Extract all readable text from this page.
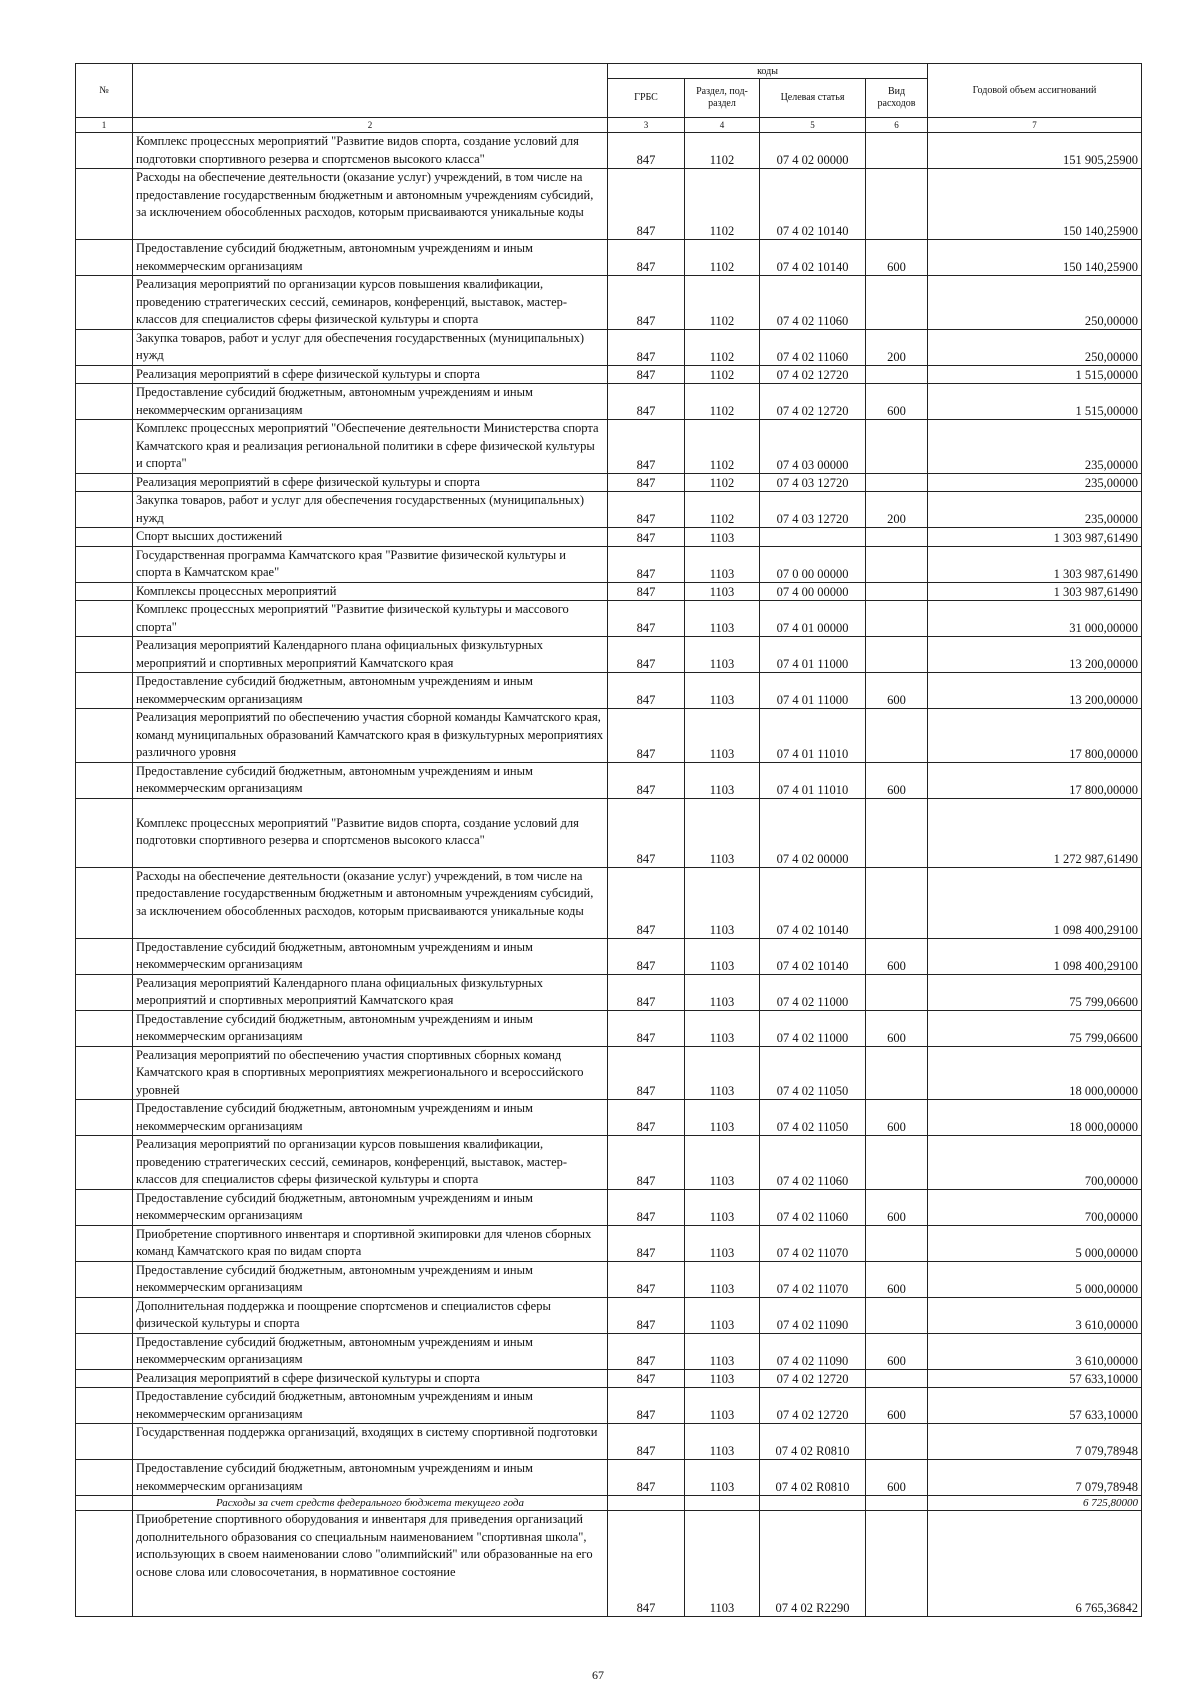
№		коды				Годовой объем ассигнований
		ГРБС	Раздел, под-раздел	Целевая статья	Вид расходов	
1	2	3	4	5	6	7
	Комплекс процессных мероприятий "Развитие видов спорта, создание условий для подготовки спортивного резерва и спортсменов высокого класса"	847	1102	07 4 02 00000		151 905,25900
	Расходы на обеспечение деятельности (оказание услуг) учреждений, в том числе на предоставление государственным бюджетным и автономным учреждениям субсидий, за исключением обособленных расходов, которым присваиваются уникальные коды	847	1102	07 4 02 10140		150 140,25900
	Предоставление субсидий бюджетным, автономным учреждениям и иным некоммерческим организациям	847	1102	07 4 02 10140	600	150 140,25900
	Реализация мероприятий по организации курсов повышения квалификации, проведению стратегических сессий, семинаров, конференций, выставок, мастер-классов для специалистов сферы физической культуры и спорта	847	1102	07 4 02 11060		250,00000
	Закупка товаров, работ и услуг для обеспечения государственных (муниципальных) нужд	847	1102	07 4 02 11060	200	250,00000
	Реализация мероприятий в сфере физической культуры и спорта	847	1102	07 4 02 12720		1 515,00000
	Предоставление субсидий бюджетным, автономным учреждениям и иным некоммерческим организациям	847	1102	07 4 02 12720	600	1 515,00000
	Комплекс процессных мероприятий "Обеспечение деятельности Министерства спорта Камчатского края и реализация региональной политики в сфере физической культуры и спорта"	847	1102	07 4 03 00000		235,00000
	Реализация мероприятий в сфере физической культуры и спорта	847	1102	07 4 03 12720		235,00000
	Закупка товаров, работ и услуг для обеспечения государственных (муниципальных) нужд	847	1102	07 4 03 12720	200	235,00000
	Спорт высших достижений	847	1103			1 303 987,61490
	Государственная программа Камчатского края "Развитие физической культуры и спорта в Камчатском крае"	847	1103	07 0 00 00000		1 303 987,61490
	Комплексы процессных мероприятий	847	1103	07 4 00 00000		1 303 987,61490
	Комплекс процессных мероприятий "Развитие физической культуры и массового спорта"	847	1103	07 4 01 00000		31 000,00000
	Реализация мероприятий Календарного плана официальных физкультурных мероприятий и спортивных мероприятий Камчатского края	847	1103	07 4 01 11000		13 200,00000
	Предоставление субсидий бюджетным, автономным учреждениям и иным некоммерческим организациям	847	1103	07 4 01 11000	600	13 200,00000
	Реализация мероприятий по обеспечению участия сборной команды Камчатского края, команд муниципальных образований Камчатского края в физкультурных мероприятиях различного уровня	847	1103	07 4 01 11010		17 800,00000
	Предоставление субсидий бюджетным, автономным учреждениям и иным некоммерческим организациям	847	1103	07 4 01 11010	600	17 800,00000
	Комплекс процессных мероприятий "Развитие видов спорта, создание условий для подготовки спортивного резерва и спортсменов высокого класса"	847	1103	07 4 02 00000		1 272 987,61490
	Расходы на обеспечение деятельности (оказание услуг) учреждений, в том числе на предоставление государственным бюджетным и автономным учреждениям субсидий, за исключением обособленных расходов, которым присваиваются уникальные коды	847	1103	07 4 02 10140		1 098 400,29100
	Предоставление субсидий бюджетным, автономным учреждениям и иным некоммерческим организациям	847	1103	07 4 02 10140	600	1 098 400,29100
	Реализация мероприятий Календарного плана официальных физкультурных мероприятий и спортивных мероприятий Камчатского края	847	1103	07 4 02 11000		75 799,06600
	Предоставление субсидий бюджетным, автономным учреждениям и иным некоммерческим организациям	847	1103	07 4 02 11000	600	75 799,06600
	Реализация мероприятий по обеспечению участия спортивных сборных команд Камчатского края в спортивных мероприятиях межрегионального и всероссийского уровней	847	1103	07 4 02 11050		18 000,00000
	Предоставление субсидий бюджетным, автономным учреждениям и иным некоммерческим организациям	847	1103	07 4 02 11050	600	18 000,00000
	Реализация мероприятий по организации курсов повышения квалификации, проведению стратегических сессий, семинаров, конференций, выставок, мастер-классов для специалистов сферы физической культуры и спорта	847	1103	07 4 02 11060		700,00000
	Предоставление субсидий бюджетным, автономным учреждениям и иным некоммерческим организациям	847	1103	07 4 02 11060	600	700,00000
	Приобретение спортивного инвентаря и спортивной экипировки для членов сборных команд Камчатского края по видам спорта	847	1103	07 4 02 11070		5 000,00000
	Предоставление субсидий бюджетным, автономным учреждениям и иным некоммерческим организациям	847	1103	07 4 02 11070	600	5 000,00000
	Дополнительная поддержка и поощрение спортсменов и специалистов сферы физической культуры и спорта	847	1103	07 4 02 11090		3 610,00000
	Предоставление субсидий бюджетным, автономным учреждениям и иным некоммерческим организациям	847	1103	07 4 02 11090	600	3 610,00000
	Реализация мероприятий в сфере физической культуры и спорта	847	1103	07 4 02 12720		57 633,10000
	Предоставление субсидий бюджетным, автономным учреждениям и иным некоммерческим организациям	847	1103	07 4 02 12720	600	57 633,10000
	Государственная поддержка организаций, входящих в систему спортивной подготовки	847	1103	07 4 02 R0810		7 079,78948
	Предоставление субсидий бюджетным, автономным учреждениям и иным некоммерческим организациям	847	1103	07 4 02 R0810	600	7 079,78948
	Расходы за счет средств федерального бюджета текущего года					6 725,80000
	Приобретение спортивного оборудования и инвентаря для приведения организаций дополнительного образования со специальным наименованием "спортивная школа", использующих в своем наименовании слово "олимпийский" или образованные на его основе слова или словосочетания, в нормативное состояние	847	1103	07 4 02 R2290		6 765,36842
67
